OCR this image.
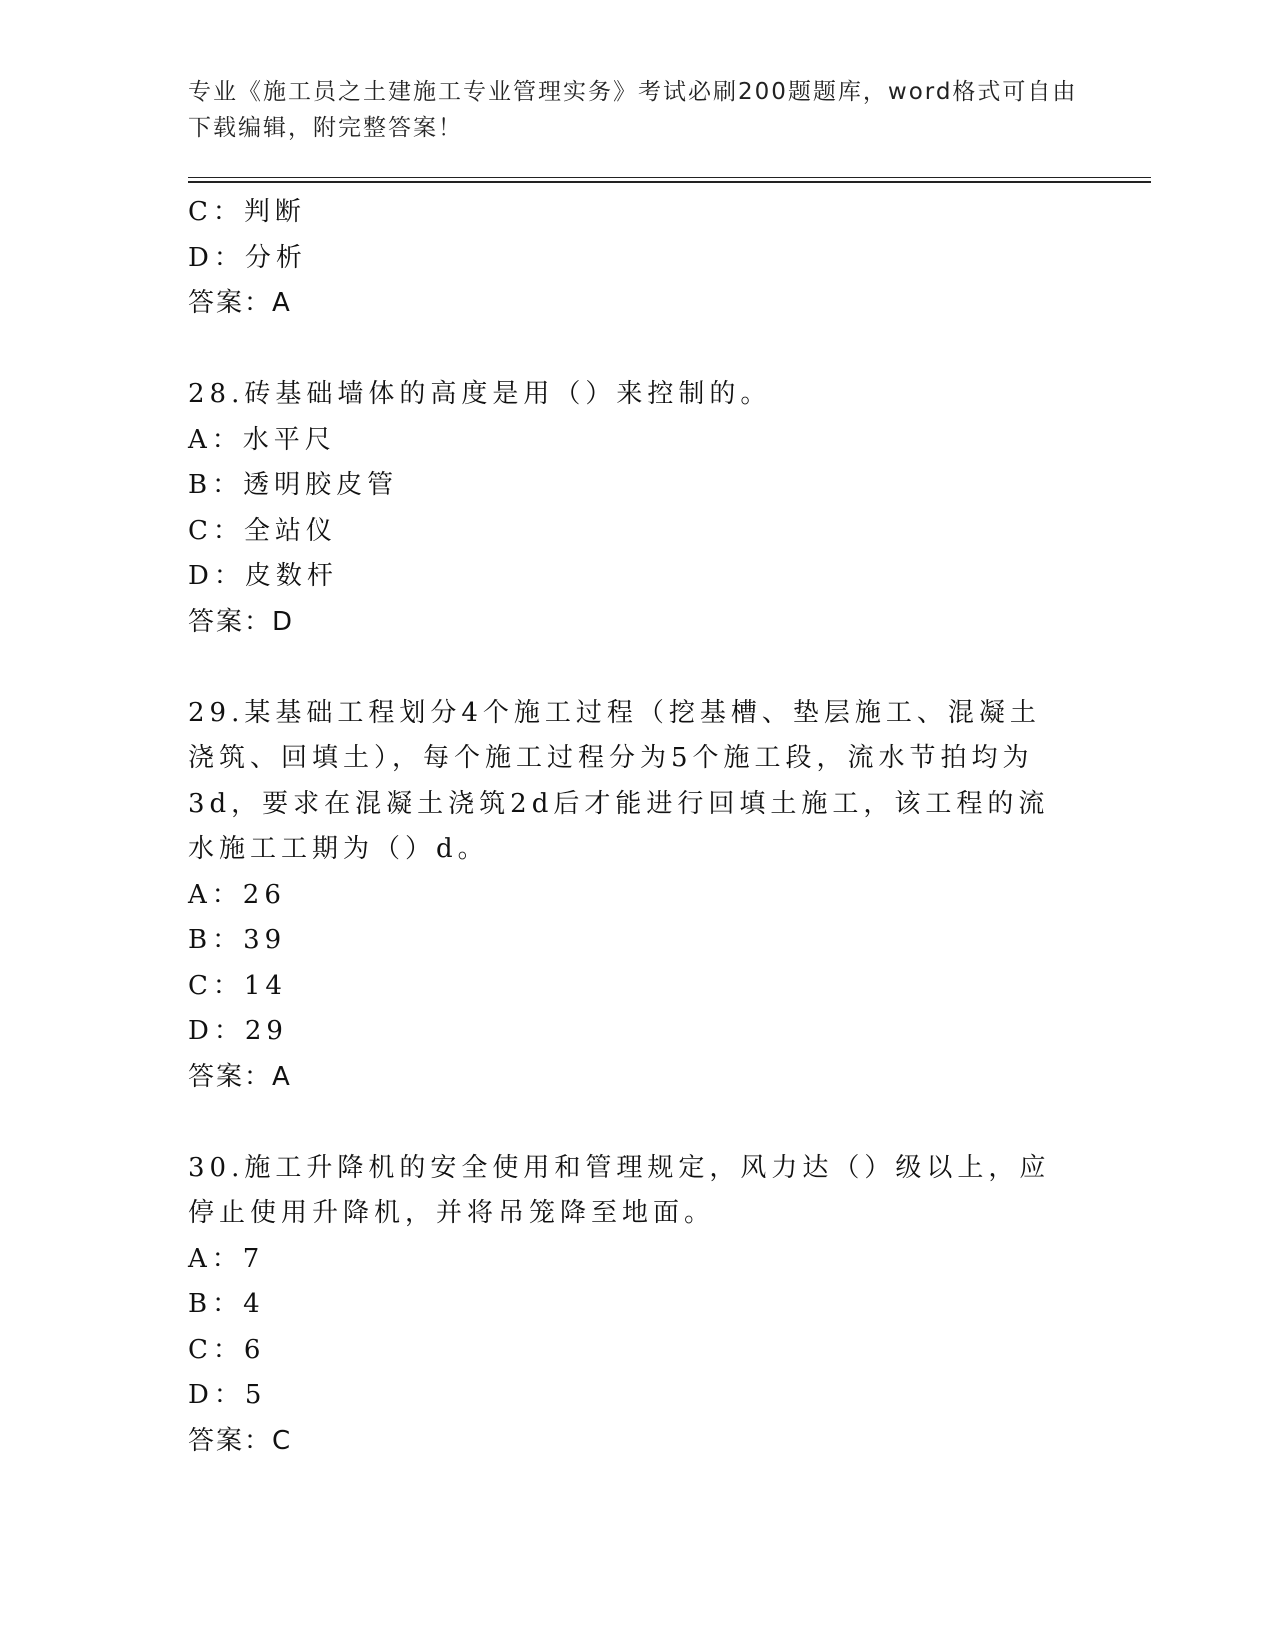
专业《施工员之土建施工专业管理实务》考试必刷200题题库，word格式可自由
下载编辑，附完整答案！
C：判断
D：分析
答案：A
28.砖基础墙体的高度是用（）来控制的。
A：水平尺
B：透明胶皮管
C：全站仪
D：皮数杆
答案：D
29.某基础工程划分4个施工过程（挖基槽、垫层施工、混凝土浇筑、回填土），每个施工过程分为5个施工段，流水节拍均为3d，要求在混凝土浇筑2d后才能进行回填土施工，该工程的流水施工工期为（）d。
A：26
B：39
C：14
D：29
答案：A
30.施工升降机的安全使用和管理规定，风力达（）级以上，应停止使用升降机，并将吊笼降至地面。
A：7
B：4
C：6
D：5
答案：C
